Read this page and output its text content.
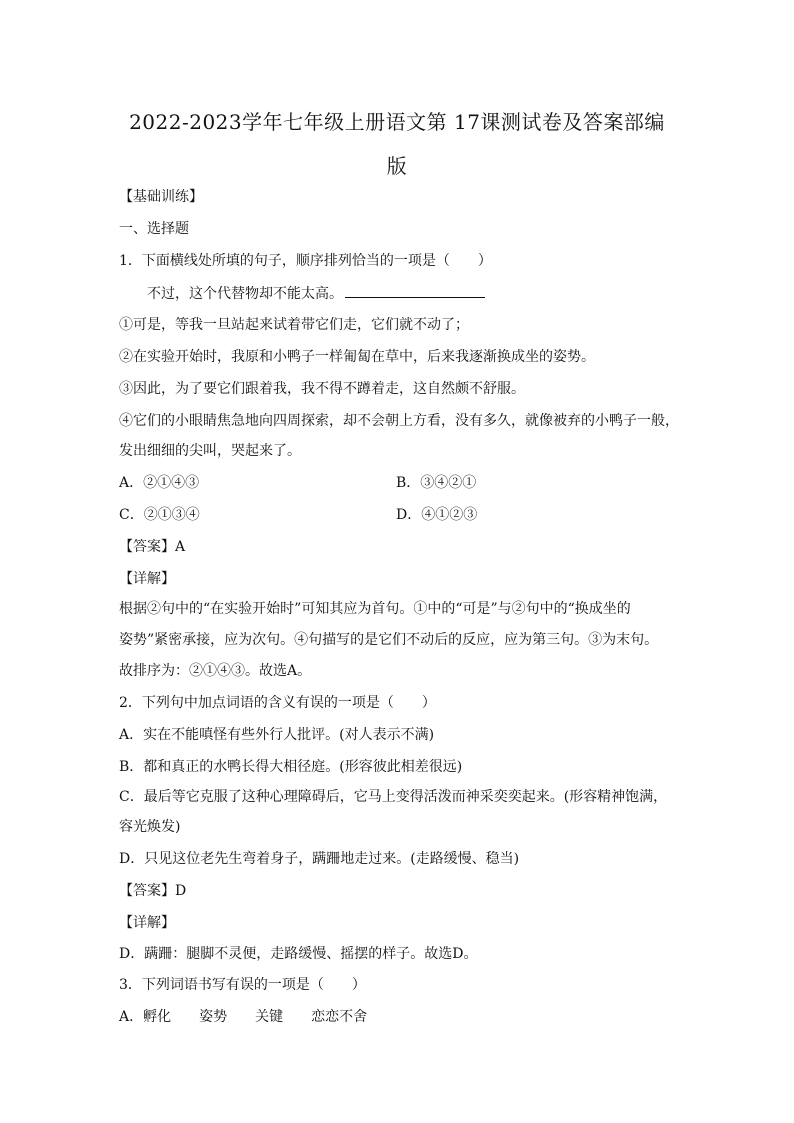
2022-2023学年七年级上册语文第 17课测试卷及答案部编
版
【基础训练】
一、选择题
1．下面横线处所填的句子，顺序排列恰当的一项是（　　）
不过，这个代替物却不能太高。
①可是，等我一旦站起来试着带它们走，它们就不动了；
②在实验开始时，我原和小鸭子一样匍匐在草中，后来我逐渐换成坐的姿势。
③因此，为了要它们跟着我，我不得不蹲着走，这自然颇不舒服。
④它们的小眼睛焦急地向四周探索，却不会朝上方看，没有多久，就像被弃的小鸭子一般，
发出细细的尖叫，哭起来了。
A．②①④③	B．③④②①
C．②①③④	D．④①②③
【答案】A
【详解】
根据②句中的“在实验开始时”可知其应为首句。①中的“可是”与②句中的“换成坐的
姿势”紧密承接，应为次句。④句描写的是它们不动后的反应，应为第三句。③为末句。
故排序为：②①④③。故选A。
2．下列句中加点词语的含义有误的一项是（　　）
A．实在不能嗔怪有些外行人批评。(对人表示不满)
B．都和真正的水鸭长得大相径庭。(形容彼此相差很远)
C．最后等它克服了这种心理障碍后，它马上变得活泼而神采奕奕起来。(形容精神饱满，
容光焕发)
D．只见这位老先生弯着身子，蹒跚地走过来。(走路缓慢、稳当)
【答案】D
【详解】
D．蹒跚：腿脚不灵便，走路缓慢、摇摆的样子。故选D。
3．下列词语书写有误的一项是（　　）
A．孵化　　姿势　　关键　　恋恋不舍
